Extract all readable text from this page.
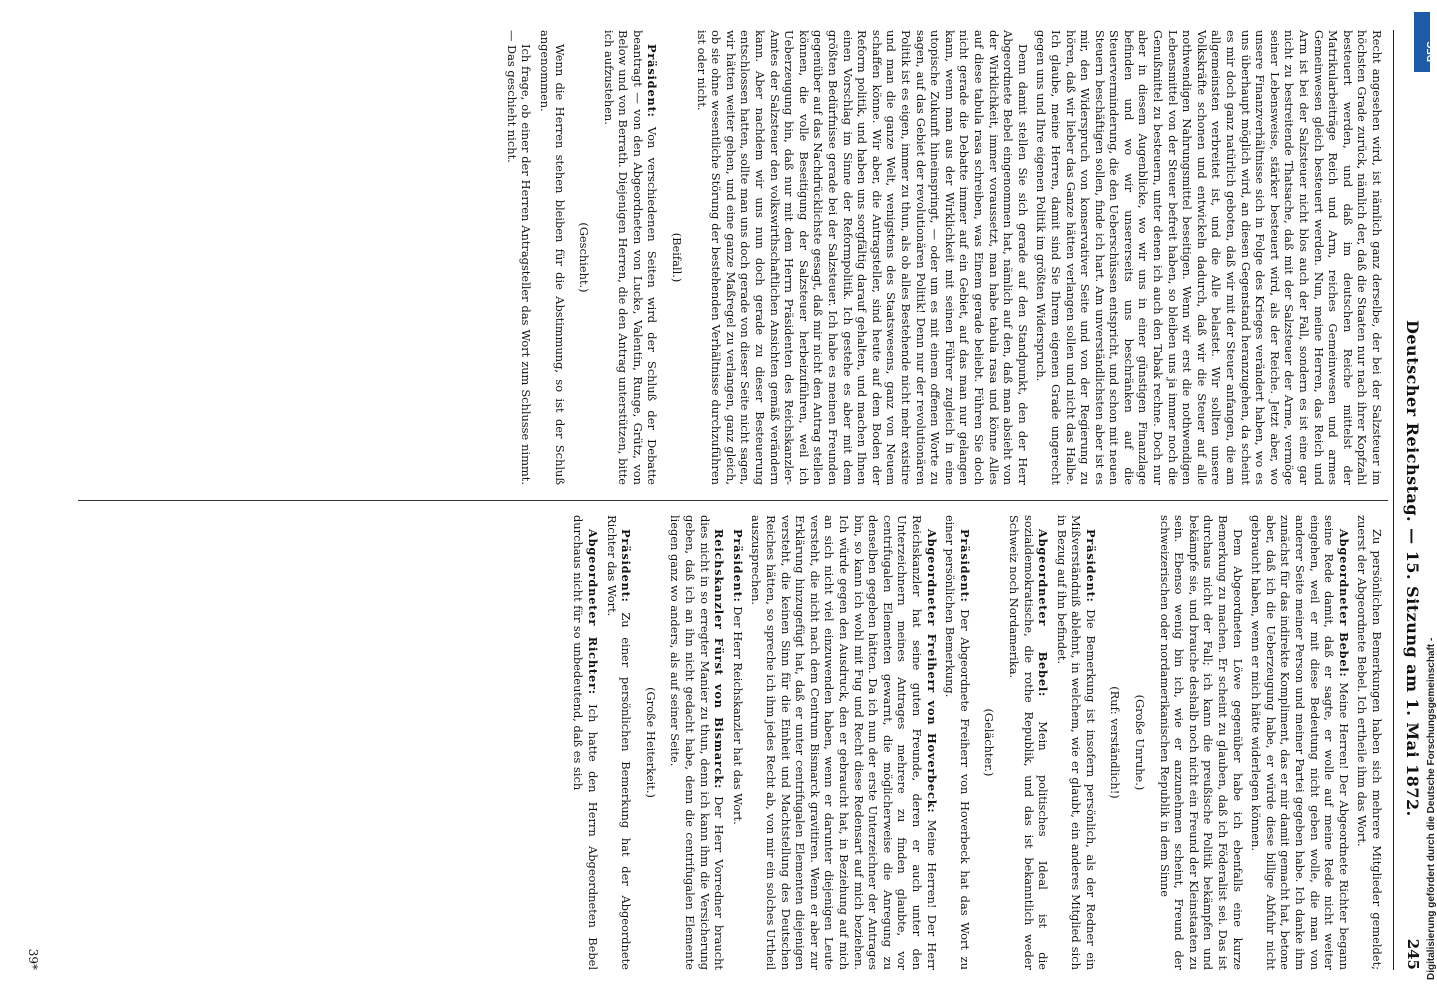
Deutscher Reichstag. — 15. Sitzung am 1. Mai 1872.
245

Recht angesehen wird, ist nämlich ganz derselbe, der bei der Salzsteuer im höchsten Grade zurück, nämlich der, daß die Staaten nur nach ihrer Kopfzahl besteuert werden, und daß im deutschen Reiche mittelst der Matrikularbeiträge Reich und Arm, reiches Gemeinwesen und armes Gemeinwesen gleich besteuert werden. Nun, meine Herren, das Reich und Arm ist bei der Salzsteuer nicht blos auch der Fall, sondern es ist eine gar nicht zu bestreitende Thatsache, daß mit der Salzsteuer der Arme, vermöge seiner Lebensweise, stärker besteuert wird, als der Reiche. Jetzt aber, wo unsere Finanzverhältnisse sich in Folge des Krieges verändert haben, wo es uns überhaupt möglich wird, an diesen Gegenstand heranzugehen, da scheint es mir doch ganz natürlich geboten, daß wir mit der Steuer anfangen, die am allgemeinsten verbreitet ist, und die Alle belastet. Wir sollten unsere Volkskräfte schonen und entwickeln dadurch, daß wir die Steuer auf alle nothwendigen Nahrungsmittel beseitigen. Wenn wir erst die nothwendigen Lebensmittel von der Steuer befreit haben, so bleiben uns ja immer noch die Genußmittel zu besteuern, unter denen ich auch den Tabak rechne. Doch nur aber in diesem Augenblicke, wo wir uns in einer günstigen Finanzlage befinden und wo wir unsererseits uns beschränken auf die Steuerverminderung, die den Ueberschüssen entspricht, und schon mit neuen Steuern beschäftigen sollen, finde ich hart. Am unverständlichsten aber ist es mir, den Widerspruch von konservativer Seite und von der Regierung zu hören, daß wir lieber das Ganze hätten verlangen sollen und nicht das Halbe. Ich glaube, meine Herren, damit sind Sie Ihrem eigenen Grade ungerecht gegen uns und Ihre eigenen Politik im größten Widerspruch.

Denn damit stellen Sie sich gerade auf den Standpunkt, den der Herr Abgeordnete Bebel eingenommen hat, nämlich auf den, daß man absieht von der Wirklichkeit, immer voraussetzt, man habe tabula rasa und könne Alles auf diese tabula rasa schreiben, was Einem gerade beliebt. Führen Sie doch nicht gerade die Debatte immer auf ein Gebiet, auf das man nur gelangen kann, wenn man aus der Wirklichkeit mit seinen Führer zugleich in eine utopische Zukunft hineinspringt, — oder um es mit einem offenen Worte zu sagen, auf das Gebiet der revolutionären Politik! Denn nur der revolutionären Politik ist es eigen, immer zu thun, als ob alles Bestehende nicht mehr existire und man die ganze Welt, wenigstens des Staatswesens, ganz von Neuem schaffen könne. Wir aber, die Antragsteller, sind heute auf dem Boden der Reform politik, und haben uns sorgfältig darauf gehalten, und machen Ihnen einen Vorschlag im Sinne der Reformpolitik. Ich gestehe es aber mit dem größten Bedürfnisse gerade bei der Salzsteuer. Ich habe es meinen Freunden gegenüber auf das Nachdrücklichste gesagt, daß mir nicht den Antrag stellen können, die volle Beseitigung der Salzsteuer herbeizuführen, weil ich Ueberzeugung bin, daß nur mit dem Herrn Präsidenten des Reichskanzler-Amtes der Salzsteuer den volkswirthschaftlichen Ansichten gemäß verändern kann. Aber nachdem wir uns nun doch gerade zu dieser Besteuerung entschlossen hatten, sollte man uns doch gerade von dieser Seite nicht sagen, wir hätten weiter gehen, und eine ganze Maßregel zu verlangen, ganz gleich, ob sie ohne wesentliche Störung der bestehenden Verhältnisse durchzuführen ist oder nicht.

(Beifall.)

Präsident: Von verschiedenen Seiten wird der Schluß der Debatte beantragt — von den Abgeordneten von Lucke, Valentin, Runge, Grütz, von Below und von Berrath. Diejenigen Herren, die den Antrag unterstützen, bitte ich aufzustehen.

(Geschieht.)

Wenn die Herren stehen bleiben für die Abstimmung, so ist der Schluß angenommen.

Ich frage, ob einer der Herren Antragsteller das Wort zum Schlusse nimmt. — Das geschieht nicht.

Zu persönlichen Bemerkungen haben sich mehrere Mitglieder gemeldet; zuerst der Abgeordnete Bebel. Ich ertheile ihm das Wort.

Abgeordneter Bebel: Meine Herren! Der Abgeordnete Richter begann seine Rede damit, daß er sagte, er wolle auf meine Rede nicht weiter eingehen, weil er mit diese Bedeutung nicht geben wolle, die man von anderer Seite meiner Person und meiner Partei gegeben habe. Ich danke ihm zunächst für das indirekte Kompliment, das er mir damit gemacht hat, betone aber, daß ich die Ueberzeugung habe, er würde diese billige Abfuhr nicht gebraucht haben, wenn er mich hätte widerlegen können.

Dem Abgeordneten Löwe gegenüber habe ich ebenfalls eine kurze Bemerkung zu machen. Er scheint zu glauben, daß ich Föderalist sei. Das ist durchaus nicht der Fall; ich kann die preußische Politik bekämpfen und bekämpfe sie, und brauche deshalb noch nicht ein Freund der Kleinstaaten zu sein. Ebenso wenig bin ich, wie er anzunehmen scheint, Freund der schweizerischen oder nordamerikanischen Republik in dem Sinne

(Große Unruhe.)

(Ruf: verständlich!)

Präsident: Die Bemerkung ist insofern persönlich, als der Redner ein Mißverständniß ablehnt, in welchem, wie er glaubt, ein anderes Mitglied sich in Bezug auf ihn befindet.

Abgeordneter Bebel: Mein politisches Ideal ist die sozialdemokratische, die rothe Republik, und das ist bekanntlich weder Schweiz noch Nordamerika.

(Gelächter.)

Präsident: Der Abgeordnete Freiherr von Hoverbeck hat das Wort zu einer persönlichen Bemerkung.

Abgeordneter Freiherr von Hoverbeck: Meine Herren! Der Herr Reichskanzler hat seine guten Freunde, deren er auch unter den Unterzeichnern meines Antrages mehrere zu finden glaubte, vor centrifugalen Elementen gewarnt, die möglicherweise die Anregung zu denselben gegeben hätten. Da ich nun der erste Unterzeichner der Antrages bin, so kann ich wohl mit Fug und Recht diese Redensart auf mich beziehen. Ich würde gegen den Ausdruck, den er gebraucht hat, in Beziehung auf mich an sich nicht viel einzuwenden haben, wenn er darunter diejenigen Leute versteht, die nicht nach dem Centrum Bismarck gravitiren. Wenn er aber zur Erklärung hinzugefügt hat, daß er unter centrifugalen Elementen diejenigen versteht, die keinen Sinn für die Einheit und Machtstellung des Deutschen Reiches hätten, so spreche ich ihm jedes Recht ab, von mir ein solches Urtheil auszusprechen.

Präsident: Der Herr Reichskanzler hat das Wort.

Reichskanzler Fürst von Bismarck: Der Herr Vorredner braucht dies nicht in so erregter Manier zu thun, denn ich kann ihm die Versicherung geben, daß ich an ihn nicht gedacht habe, denn die centrifugalen Elemente liegen ganz wo anders, als auf seiner Seite.

(Große Heiterkeit.)

Präsident: Zu einer persönlichen Bemerkung hat der Abgeordnete Richter das Wort.

Abgeordneter Richter: Ich hatte den Herrn Abgeordneten Bebel durchaus nicht für so unbedeutend, daß es sich

39*
DFG
Digitalisierung gefördert durch die Deutsche Forschungsgemeinschaft -
